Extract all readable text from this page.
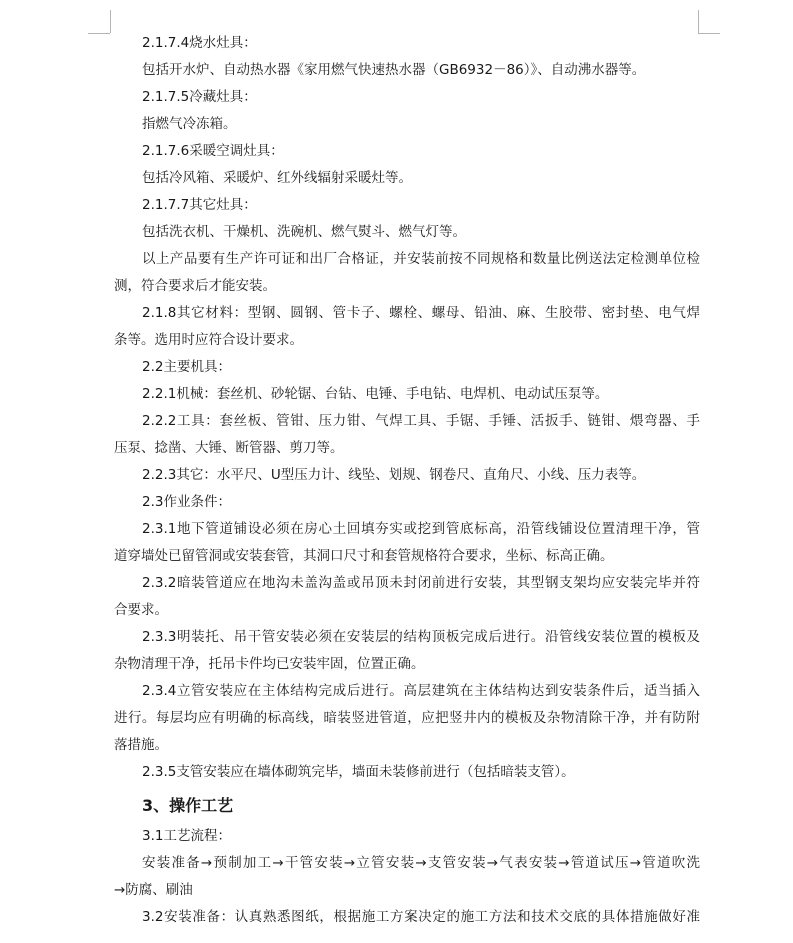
2.1.7.4烧水灶具：
包括开水炉、自动热水器《家用燃气快速热水器（GB6932－86）》、自动沸水器等。
2.1.7.5冷藏灶具：
指燃气冷冻箱。
2.1.7.6采暖空调灶具：
包括冷风箱、采暖炉、红外线辐射采暖灶等。
2.1.7.7其它灶具：
包括洗衣机、干燥机、洗碗机、燃气熨斗、燃气灯等。
以上产品要有生产许可证和出厂合格证，并安装前按不同规格和数量比例送法定检测单位检
测，符合要求后才能安装。
2.1.8其它材料：型钢、圆钢、管卡子、螺栓、螺母、铅油、麻、生胶带、密封垫、电气焊
条等。选用时应符合设计要求。
2.2主要机具：
2.2.1机械：套丝机、砂轮锯、台钻、电锤、手电钻、电焊机、电动试压泵等。
2.2.2工具：套丝板、管钳、压力钳、气焊工具、手锯、手锤、活扳手、链钳、煨弯器、手
压泵、捻凿、大锤、断管器、剪刀等。
2.2.3其它：水平尺、U型压力计、线坠、划规、钢卷尺、直角尺、小线、压力表等。
2.3作业条件：
2.3.1地下管道铺设必须在房心土回填夯实或挖到管底标高，沿管线铺设位置清理干净，管
道穿墙处已留管洞或安装套管，其洞口尺寸和套管规格符合要求，坐标、标高正确。
2.3.2暗装管道应在地沟未盖沟盖或吊顶未封闭前进行安装，其型钢支架均应安装完毕并符
合要求。
2.3.3明装托、吊干管安装必须在安装层的结构顶板完成后进行。沿管线安装位置的模板及
杂物清理干净，托吊卡件均已安装牢固，位置正确。
2.3.4立管安装应在主体结构完成后进行。高层建筑在主体结构达到安装条件后，适当插入
进行。每层均应有明确的标高线，暗装竖进管道，应把竖井内的模板及杂物清除干净，并有防附
落措施。
2.3.5支管安装应在墙体砌筑完毕，墙面未装修前进行（包括暗装支管）。
3、操作工艺
3.1工艺流程：
安装准备→预制加工→干管安装→立管安装→支管安装→气表安装→管道试压→管道吹洗
→防腐、刷油
3.2安装准备：认真熟悉图纸，根据施工方案决定的施工方法和技术交底的具体措施做好准
